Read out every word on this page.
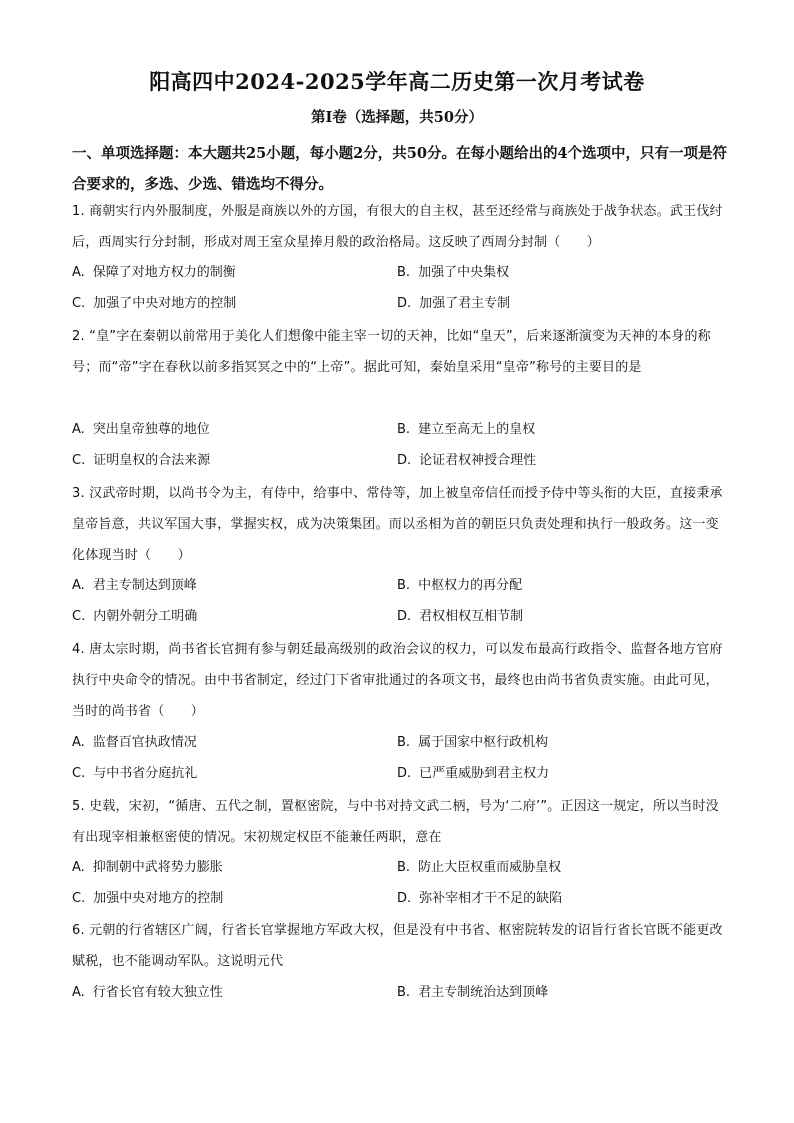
阳高四中2024-2025学年高二历史第一次月考试卷
第Ⅰ卷（选择题，共50分）
一、单项选择题：本大题共25小题，每小题2分，共50分。在每小题给出的4个选项中，只有一项是符合要求的，多选、少选、错选均不得分。
1. 商朝实行内外服制度，外服是商族以外的方国，有很大的自主权，甚至还经常与商族处于战争状态。武王伐纣后，西周实行分封制，形成对周王室众星捧月般的政治格局。这反映了西周分封制（　　）
A. 保障了对地方权力的制衡	B. 加强了中央集权
C. 加强了中央对地方的控制	D. 加强了君主专制
2. “皇”字在秦朝以前常用于美化人们想像中能主宰一切的天神，比如“皇天”，后来逐渐演变为天神的本身的称号；而“帝”字在春秋以前多指冥冥之中的“上帝”。据此可知，秦始皇采用“皇帝”称号的主要目的是
A. 突出皇帝独尊的地位	B. 建立至高无上的皇权
C. 证明皇权的合法来源	D. 论证君权神授合理性
3. 汉武帝时期，以尚书令为主，有侍中，给事中、常侍等，加上被皇帝信任而授予侍中等头衔的大臣，直接秉承皇帝旨意，共议军国大事，掌握实权，成为决策集团。而以丞相为首的朝臣只负责处理和执行一般政务。这一变化体现当时（　　）
A. 君主专制达到顶峰	B. 中枢权力的再分配
C. 内朝外朝分工明确	D. 君权相权互相节制
4. 唐太宗时期，尚书省长官拥有参与朝廷最高级别的政治会议的权力，可以发布最高行政指令、监督各地方官府执行中央命令的情况。由中书省制定，经过门下省审批通过的各项文书，最终也由尚书省负责实施。由此可见，当时的尚书省（　　）
A. 监督百官执政情况	B. 属于国家中枢行政机构
C. 与中书省分庭抗礼	D. 已严重威胁到君主权力
5. 史载，宋初，“循唐、五代之制，置枢密院，与中书对持文武二柄，号为‘二府’”。正因这一规定，所以当时没有出现宰相兼枢密使的情况。宋初规定权臣不能兼任两职，意在
A. 抑制朝中武将势力膨胀	B. 防止大臣权重而威胁皇权
C. 加强中央对地方的控制	D. 弥补宰相才干不足的缺陷
6. 元朝的行省辖区广阔，行省长官掌握地方军政大权，但是没有中书省、枢密院转发的诏旨行省长官既不能更改赋税，也不能调动军队。这说明元代
A. 行省长官有较大独立性	B. 君主专制统治达到顶峰
